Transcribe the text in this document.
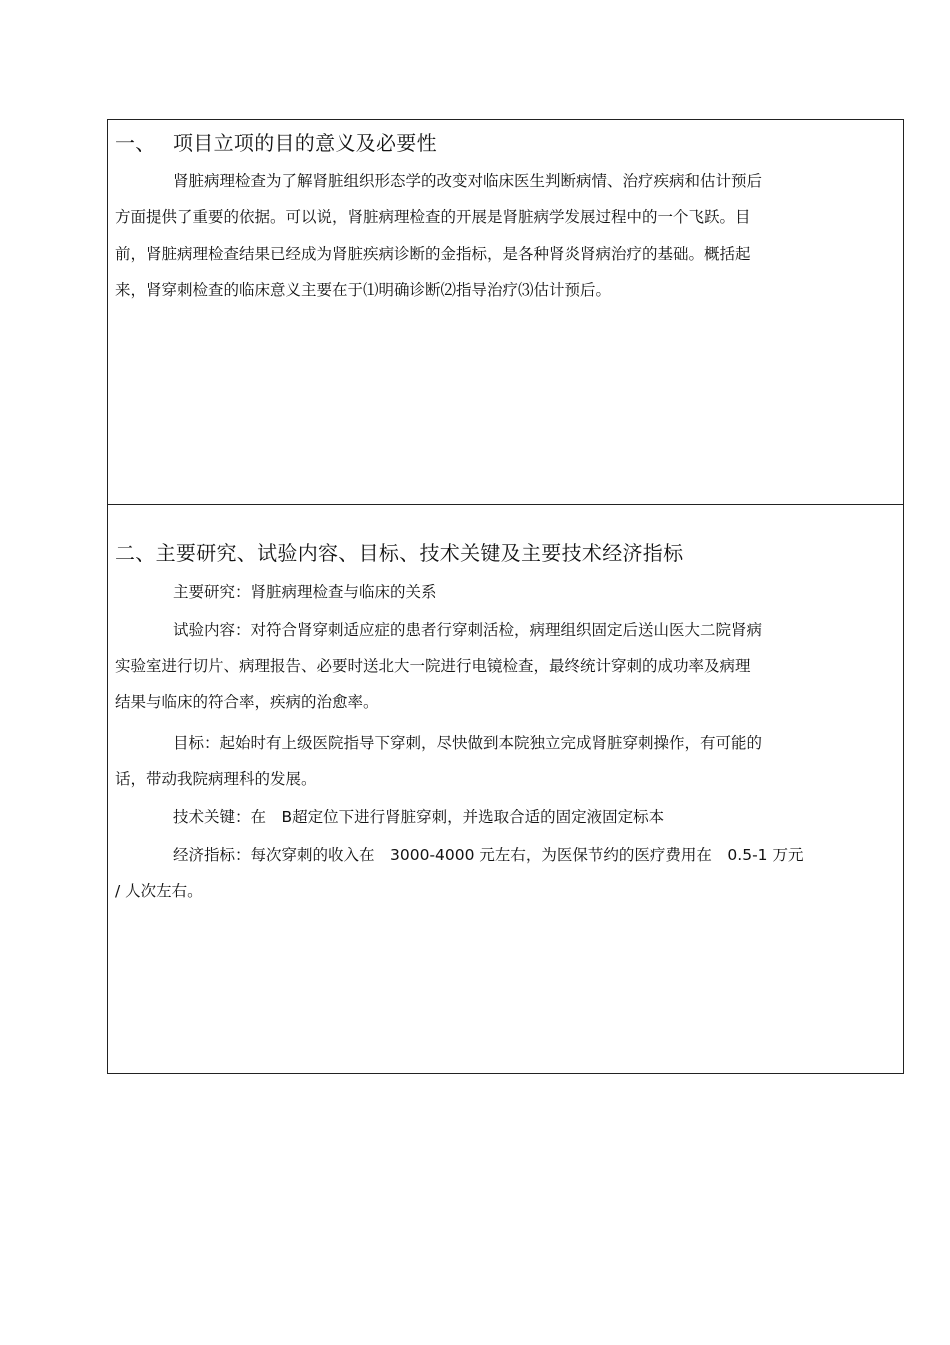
一、 项目立项的目的意义及必要性
肾脏病理检查为了解肾脏组织形态学的改变对临床医生判断病情、治疗疾病和估计预后
方面提供了重要的依据。可以说，肾脏病理检查的开展是肾脏病学发展过程中的一个飞跃。目
前，肾脏病理检查结果已经成为肾脏疾病诊断的金指标，是各种肾炎肾病治疗的基础。概括起
来，肾穿刺检查的临床意义主要在于⑴明确诊断⑵指导治疗⑶估计预后。
二、主要研究、试验内容、目标、技术关键及主要技术经济指标
主要研究：肾脏病理检查与临床的关系
试验内容：对符合肾穿刺适应症的患者行穿刺活检，病理组织固定后送山医大二院肾病
实验室进行切片、病理报告、必要时送北大一院进行电镜检查，最终统计穿刺的成功率及病理
结果与临床的符合率，疾病的治愈率。
目标：起始时有上级医院指导下穿刺，尽快做到本院独立完成肾脏穿刺操作，有可能的
话，带动我院病理科的发展。
技术关键：在　B超定位下进行肾脏穿刺，并选取合适的固定液固定标本
经济指标：每次穿刺的收入在　3000-4000 元左右，为医保节约的医疗费用在　0.5-1 万元
/ 人次左右。
